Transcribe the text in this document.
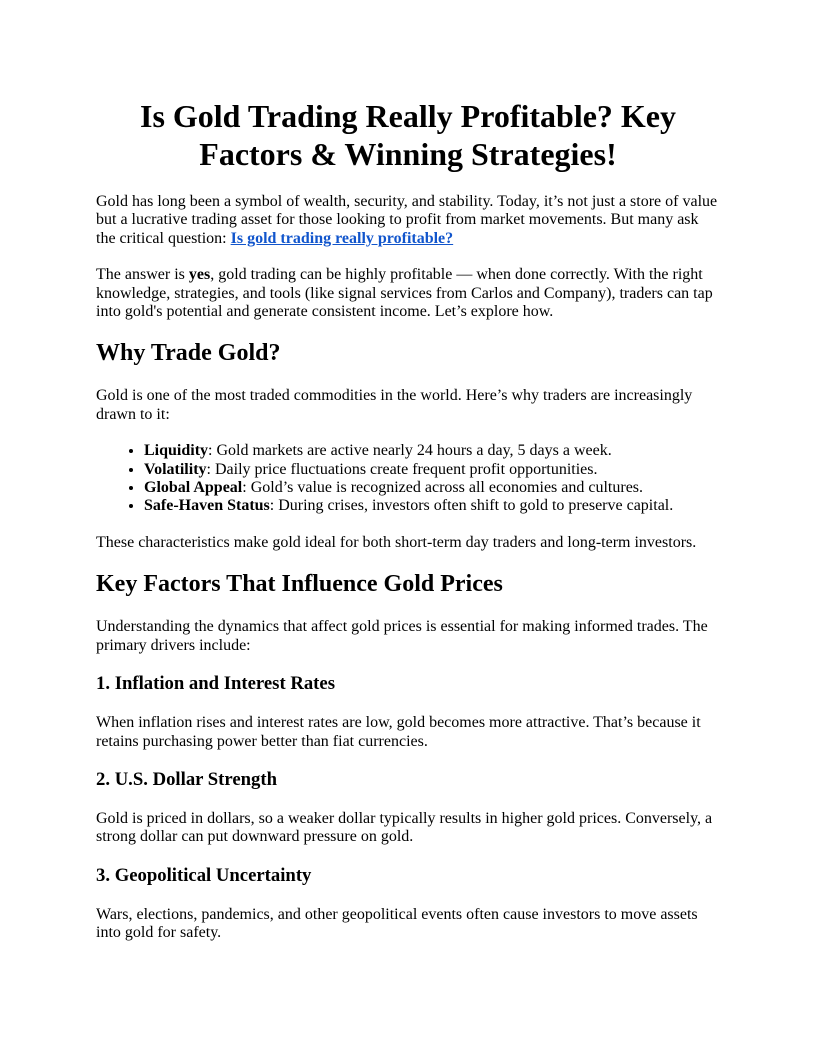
Is Gold Trading Really Profitable? Key Factors & Winning Strategies!

Gold has long been a symbol of wealth, security, and stability. Today, it’s not just a store of value but a lucrative trading asset for those looking to profit from market movements. But many ask the critical question: Is gold trading really profitable?

The answer is yes, gold trading can be highly profitable — when done correctly. With the right knowledge, strategies, and tools (like signal services from Carlos and Company), traders can tap into gold's potential and generate consistent income. Let’s explore how.

Why Trade Gold?

Gold is one of the most traded commodities in the world. Here’s why traders are increasingly drawn to it:

• Liquidity: Gold markets are active nearly 24 hours a day, 5 days a week.
• Volatility: Daily price fluctuations create frequent profit opportunities.
• Global Appeal: Gold’s value is recognized across all economies and cultures.
• Safe-Haven Status: During crises, investors often shift to gold to preserve capital.

These characteristics make gold ideal for both short-term day traders and long-term investors.

Key Factors That Influence Gold Prices

Understanding the dynamics that affect gold prices is essential for making informed trades. The primary drivers include:

1. Inflation and Interest Rates

When inflation rises and interest rates are low, gold becomes more attractive. That’s because it retains purchasing power better than fiat currencies.

2. U.S. Dollar Strength

Gold is priced in dollars, so a weaker dollar typically results in higher gold prices. Conversely, a strong dollar can put downward pressure on gold.

3. Geopolitical Uncertainty

Wars, elections, pandemics, and other geopolitical events often cause investors to move assets into gold for safety.
